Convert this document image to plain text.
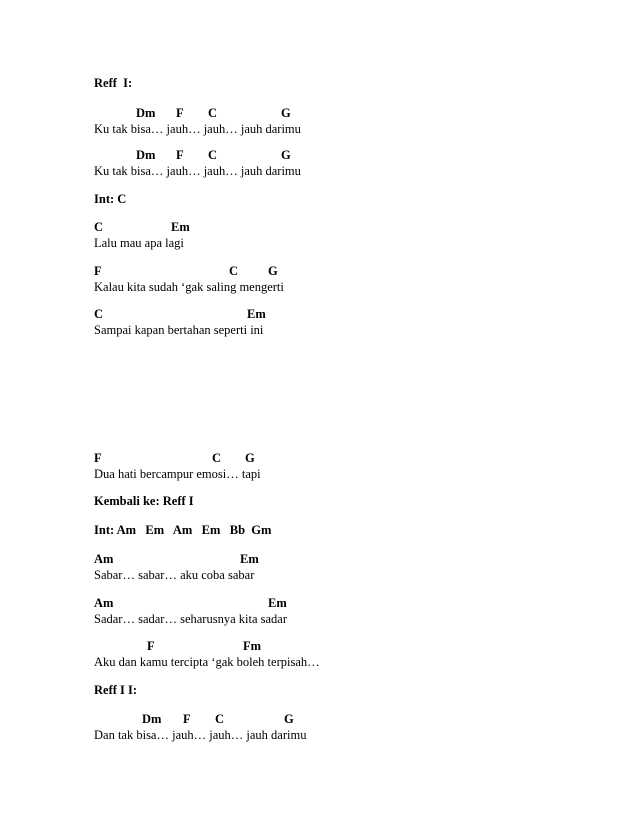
Reff  I:
Dm F C	G
Ku tak bisa… jauh… jauh… jauh darimu
Dm F C	G
Ku tak bisa… jauh… jauh… jauh darimu
Int: C
C	Em
Lalu mau apa lagi
F	C G
Kalau kita sudah ‘gak saling mengerti
C	Em
Sampai kapan bertahan seperti ini
F	C G
Dua hati bercampur emosi… tapi
Kembali ke: Reff I
Int: Am   Em   Am   Em   Bb  Gm
Am	Em
Sabar… sabar… aku coba sabar
Am	Em
Sadar… sadar… seharusnya kita sadar
F	Fm
Aku dan kamu tercipta ‘gak boleh terpisah…
Reff I I:
Dm F C	G
Dan tak bisa… jauh… jauh… jauh darimu
